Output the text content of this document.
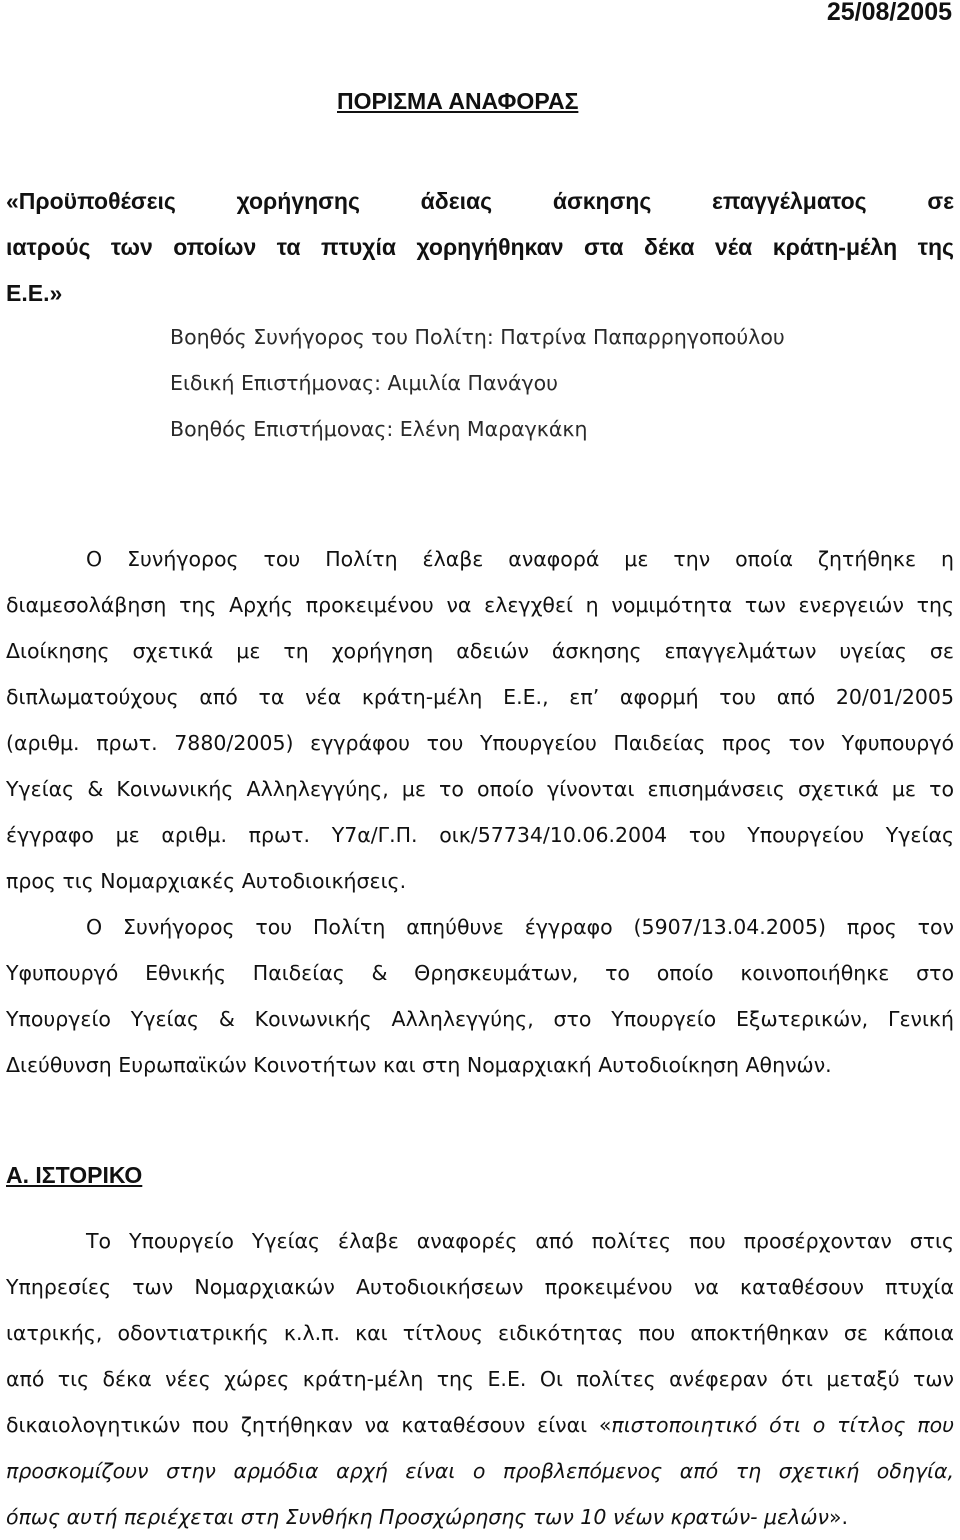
25/08/2005
ΠΟΡΙΣΜΑ ΑΝΑΦΟΡΑΣ
«Προϋποθέσεις χορήγησης άδειας άσκησης επαγγέλματος σε
ιατρούς των οποίων τα πτυχία χορηγήθηκαν στα δέκα νέα κράτη-μέλη της
Ε.Ε.»
Βοηθός Συνήγορος του Πολίτη: Πατρίνα Παπαρρηγοπούλου
Ειδική Επιστήμονας: Αιμιλία Πανάγου
Βοηθός Επιστήμονας: Ελένη Μαραγκάκη
Ο Συνήγορος του Πολίτη έλαβε αναφορά με την οποία ζητήθηκε η
διαμεσολάβηση της Αρχής προκειμένου να ελεγχθεί η νομιμότητα των ενεργειών της
Διοίκησης σχετικά με τη χορήγηση αδειών άσκησης επαγγελμάτων υγείας σε
διπλωματούχους από τα νέα κράτη-μέλη Ε.Ε., επ’ αφορμή του από 20/01/2005
(αριθμ. πρωτ. 7880/2005) εγγράφου του Υπουργείου Παιδείας προς τον Υφυπουργό
Υγείας & Κοινωνικής Αλληλεγγύης, με το οποίο γίνονται επισημάνσεις σχετικά με το
έγγραφο με αριθμ. πρωτ. Υ7α/Γ.Π. οικ/57734/10.06.2004 του Υπουργείου Υγείας
προς τις Νομαρχιακές Αυτοδιοικήσεις.
Ο Συνήγορος του Πολίτη απηύθυνε έγγραφο (5907/13.04.2005) προς τον
Υφυπουργό Εθνικής Παιδείας & Θρησκευμάτων, το οποίο κοινοποιήθηκε στο
Υπουργείο Υγείας & Κοινωνικής Αλληλεγγύης, στο Υπουργείο Εξωτερικών, Γενική
Διεύθυνση Ευρωπαϊκών Κοινοτήτων και στη Νομαρχιακή Αυτοδιοίκηση Αθηνών.
Α. ΙΣΤΟΡΙΚΟ
Το Υπουργείο Υγείας έλαβε αναφορές από πολίτες που προσέρχονταν στις
Υπηρεσίες των Νομαρχιακών Αυτοδιοικήσεων προκειμένου να καταθέσουν πτυχία
ιατρικής, οδοντιατρικής κ.λ.π. και τίτλους ειδικότητας που αποκτήθηκαν σε κάποια
από τις δέκα νέες χώρες κράτη-μέλη της Ε.Ε. Οι πολίτες ανέφεραν ότι μεταξύ των
δικαιολογητικών που ζητήθηκαν να καταθέσουν είναι «πιστοποιητικό ότι ο τίτλος που
προσκομίζουν στην αρμόδια αρχή είναι ο προβλεπόμενος από τη σχετική οδηγία,
όπως αυτή περιέχεται στη Συνθήκη Προσχώρησης των 10 νέων κρατών- μελών».
